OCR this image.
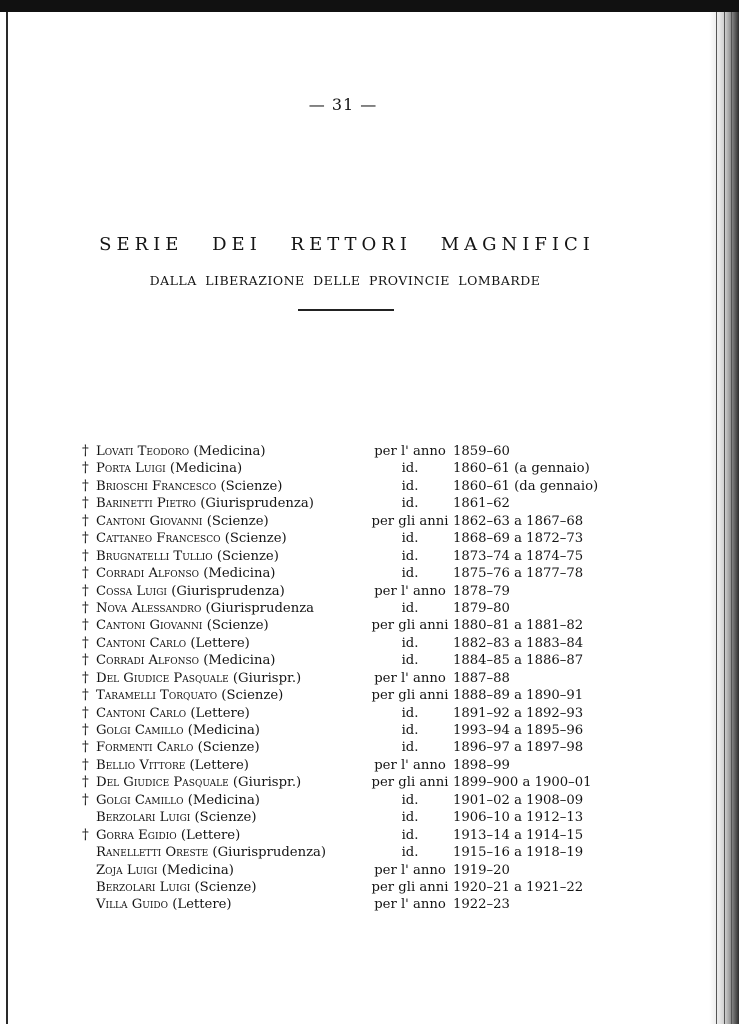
— 31 —
SERIE DEI RETTORI MAGNIFICI
DALLA LIBERAZIONE DELLE PROVINCIE LOMBARDE
† Lovati Teodoro (Medicina)	per l' anno 1859–60
† Porta Luigi (Medicina)	id.	1860–61 (a gennaio)
† Brioschi Francesco (Scienze)	id.	1860–61 (da gennaio)
† Barinetti Pietro (Giurisprudenza)	id.	1861–62
† Cantoni Giovanni (Scienze)	per gli anni 1862–63 a 1867–68
† Cattaneo Francesco (Scienze)	id.	1868–69 a 1872–73
† Brugnatelli Tullio (Scienze)	id.	1873–74 a 1874–75
† Corradi Alfonso (Medicina)	id.	1875–76 a 1877–78
† Cossa Luigi (Giurisprudenza)	per l' anno 1878–79
† Nova Alessandro (Giurisprudenza	id.	1879–80
† Cantoni Giovanni (Scienze)	per gli anni 1880–81 a 1881–82
† Cantoni Carlo (Lettere)	id.	1882–83 a 1883–84
† Corradi Alfonso (Medicina)	id.	1884–85 a 1886–87
† Del Giudice Pasquale (Giurispr.)	per l' anno 1887–88
† Taramelli Torquato (Scienze)	per gli anni 1888–89 a 1890–91
† Cantoni Carlo (Lettere)	id.	1891–92 a 1892–93
† Golgi Camillo (Medicina)	id.	1993–94 a 1895–96
† Formenti Carlo (Scienze)	id.	1896–97 a 1897–98
† Bellio Vittore (Lettere)	per l' anno 1898–99
† Del Giudice Pasquale (Giurispr.)	per gli anni 1899–900 a 1900–01
† Golgi Camillo (Medicina)	id.	1901–02 a 1908–09
Berzolari Luigi (Scienze)	id.	1906–10 a 1912–13
† Gorra Egidio (Lettere)	id.	1913–14 a 1914–15
Ranelletti Oreste (Giurisprudenza)	id.	1915–16 a 1918–19
Zoja Luigi (Medicina)	per l' anno 1919–20
Berzolari Luigi (Scienze)	per gli anni 1920–21 a 1921–22
Villa Guido (Lettere)	per l' anno 1922–23
